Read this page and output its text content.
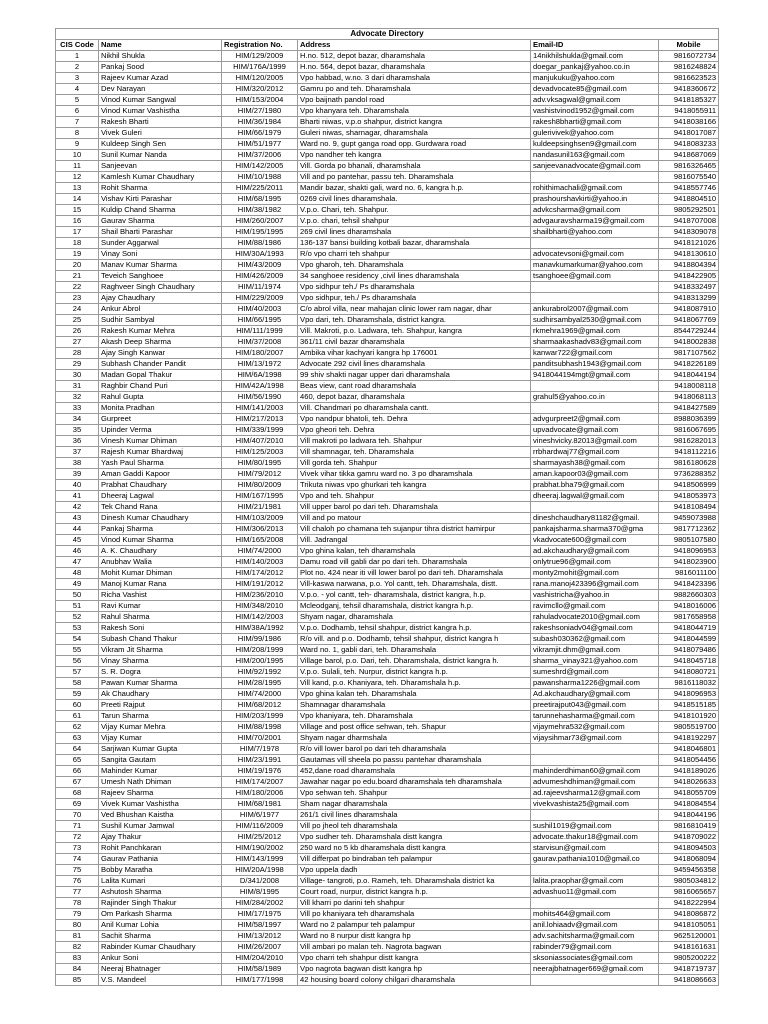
Advocate Directory					
CIS Code	Name	Registration No.	Address	Email-ID	Mobile
1	Nikhil Shukla	HIM/129/2009	H.no. 512, depot bazar, dharamshala	14nikhilshukla@gmail.com	9816072734
2	Pankaj Sood	HIM/176A/1999	H.no. 564, depot bazar, dharamshala	doegar_pankaj@yahoo.co.in	9816248824
3	Rajeev Kumar Azad	HIM/120/2005	Vpo habbad, w.no. 3 dari dharamshala	manjukuku@yahoo.com	9816623523
4	Dev Narayan	HIM/320/2012	Gamru po and teh. Dharamshala	devadvocate85@gmail.com	9418360672
5	Vinod Kumar Sangwal	HIM/153/2004	Vpo baijnath pandol road	adv.vksagwal@gmail.com	9418185327
6	Vinod Kumar Vashistha	HIM/27/1980	Vpo khanyara teh. Dharamshala	vashistvinod1952@gmail.com	9418055911
7	Rakesh Bharti	HIM/36/1984	Bharti niwas, v.p.o shahpur, district kangra	rakesh8bharti@gmail.com	9418038166
8	Vivek Guleri	HIM/66/1979	Guleri niwas, sharnagar, dharamshala	gulerivivek@yahoo.com	9418017087
9	Kuldeep Singh Sen	HIM/51/1977	Ward no. 9, gupt ganga road opp. Gurdwara road	kuldeepsinghsen9@gmail.com	9418083233
10	Sunil Kumar Nanda	HIM/37/2006	Vpo nandher teh kangra	nandasunil163@gmail.com	9418687069
11	Sanjeevan	HIM/142/2005	Vill. Gorda po bhanali, dharamshala	sanjeevanadvocate@gmail.com	9816326465
12	Kamlesh Kumar Chaudhary	HIM/10/1988	Vill and po pantehar, passu teh. Dharamshala		9816075540
13	Rohit Sharma	HIM/225/2011	Mandir bazar, shakti gali, ward no. 6, kangra h.p.	rohithimachali@gmail.com	9418557746
14	Vishav Kirti Parashar	HIM/68/1995	0269 civil lines dharamshala.	prashourshavkirti@yahoo.in	9418804510
15	Kuldip Chand Sharma	HIM/38/1982	V.p.o. Chari, teh. Shahpur.	advkcsharma@gmail.com	9805292501
16	Gaurav Sharma	HIM/260/2007	V.p.o. chari, tehsil shahpur	advgauravsharma19@gmail.com	9418707008
17	Shail Bharti Parashar	HIM/195/1995	269 civil lines dharamshala	shailbharti@yahoo.com	9418309078
18	Sunder Aggarwal	HIM/88/1986	136-137 bansi building kotbali bazar, dharamshala		9418121026
19	Vinay Soni	HIM/30A/1993	R/o vpo charri teh shahpur	advocatevsoni@gmail.com	9418130610
20	Manav Kumar Sharma	HIM/43/2009	Vpo gharoh, teh. Dharamshala	manavkumarkumar@yahoo.com	9418804394
21	Teveich Sanghoee	HIM/426/2009	34 sanghoee residency ,civil lines dharamshala	tsanghoee@gmail.com	9418422905
22	Raghveer Singh Chaudhary	HIM/11/1974	Vpo sidhpur teh./ Ps dharamshala		9418332497
23	Ajay Chaudhary	HIM/229/2009	Vpo sidhpur, teh./ Ps dharamshala		9418313299
24	Ankur Abrol	HIM/40/2003	C/o abrol villa, near mahajan clinic lower ram nagar, dhar	ankurabrol2007@gmail.com	9418087910
25	Sudhir Sambyal	HIM/66/1995	Vpo dari, teh. Dharamshala, district kangra.	sudhirsambyal2530@gmail.com	9418067769
26	Rakesh Kumar Mehra	HIM/111/1999	Vill. Makroti, p.o. Ladwara, teh. Shahpur, kangra	rkmehra1969@gmail.com	8544729244
27	Akash Deep Sharma	HIM/37/2008	361/11 civil bazar dharamshala	sharmaakashadv83@gmail.com	9418002838
28	Ajay Singh Kanwar	HIM/180/2007	Ambika vihar kachyari kangra hp 176001	kanwar722@gmail.com	9817107562
29	Subhash Chander Pandit	HIM/13/1972	Advocate 292 civil lines dharamshala	panditsubhash1943@gmail.com	9418226189
30	Madan Gopal Thakur	HIM/6A/1998	99 shiv shakti nagar upper dari dharamshala	9418044194mgt@gmail.com	9418044194
31	Raghbir Chand Puri	HIM/42A/1998	Beas view, cant road dharamshala		9418008118
32	Rahul Gupta	HIM/56/1990	460, depot bazar, dharamshala	grahul5@yahoo.co.in	9418068113
33	Monita Pradhan	HIM/141/2003	Vill. Chandmari po dharamshala cantt.		9418427589
34	Gurpreet	HIM/217/2013	Vpo nandpur bhatoli, teh. Dehra	advgurpreet2@gmail.com	8988036399
35	Upinder Verma	HIM/339/1999	Vpo gheori teh. Dehra	upvadvocate@gmail.com	9816067695
36	Vinesh Kumar Dhiman	HIM/407/2010	Vill makroti po ladwara teh. Shahpur	vineshvicky.82013@gmail.com	9816282013
37	Rajesh Kumar Bhardwaj	HIM/125/2003	Vill shamnagar, teh. Dharamshala	rrbhardwaj77@gmail.com	9418112216
38	Yash Paul Sharma	HIM/80/1995	Vill gorda teh. Shahpur	sharmayash38@gmail.com	9816180628
39	Aman Gaddi Kapoor	HIM/79/2012	Vivek vihar tikka gamru ward no. 3 po dharamshala	aman.kapoor03@gmail.com	9736288352
40	Prabhat Chaudhary	HIM/80/2009	Trikuta niwas vpo ghurkari teh kangra	prabhat.bha79@gmail.com	9418506999
41	Dheeraj Lagwal	HIM/167/1995	Vpo and teh. Shahpur	dheeraj.lagwal@gmail.com	9418053973
42	Tek Chand Rana	HIM/21/1981	Vill upper barol po dari teh. Dharamshala		9418108494
43	Dinesh Kumar Chaudhary	HIM/103/2009	Vill and po matour	dineshchaudhary81182@gmail.	9459073988
44	Pankaj Sharma	HIM/306/2013	Vill chaloh po chamana teh sujanpur tihra district hamirpur	pankajsharma.sharma370@gma	9817712362
45	Vinod Kumar Sharma	HIM/165/2008	Vill. Jadrangal	vkadvocate600@gmail.com	9805107580
46	A. K. Chaudhary	HIM/74/2000	Vpo ghina kalan, teh dharamshala	ad.akchaudhary@gmail.com	9418096953
47	Anubhav Walia	HIM/140/2003	Damu road vill gabli dar po dari teh. Dharamshala	onlytrue96@gmail.com	9418023900
48	Mohit Kumar Dhiman	HIM/174/2012	Plot no. 424 near iti vill lower barol po dari teh. Dharamshala	monty2mohit@gmail.com	9816011100
49	Manoj Kumar Rana	HIM/191/2012	Vill-kaswa narwana, p.o. Yol cantt, teh. Dharamshala, distt.	rana.manoj423396@gmail.com	9418423396
50	Richa Vashist	HIM/236/2010	V.p.o. - yol cantt, teh- dharamshala, district kangra, h.p.	vashistricha@yahoo.in	9882660303
51	Ravi Kumar	HIM/348/2010	Mcleodganj, tehsil dharamshala, district kangra h.p.	ravimcllo@gmail.com	9418016006
52	Rahul Sharma	HIM/142/2003	Shyam nagar, dharamshala	rahuladvocate2010@gmail.com	9817658958
53	Rakesh Soni	HIM/38A/1992	V.p.o. Dodhamb, tehsil shahpur, district kangra h.p.	rakeshsoniadv04@gmail.com	9418044719
54	Subash Chand Thakur	HIM/99/1986	R/o vill. and p.o. Dodhamb, tehsil shahpur, district kangra h	subash030362@gmail.com	9418044599
55	Vikram Jit Sharma	HIM/208/1999	Ward no. 1, gabli dari, teh. Dharamshala	vikramjit.dhm@gmail.com	9418079486
56	Vinay Sharma	HIM/200/1995	Village barol, p.o. Dari, teh. Dharamshala, district kangra h.	sharma_vinay321@yahoo.com	9418045718
57	S. R. Dogra	HIM/92/1992	V.p.o. Sulali, teh. Nurpur, district kangra h.p.	sumeshrd@gmail.com	9418080721
58	Pawan Kumar Sharma	HIM/28/1995	Vill kand, p.o. Khaniyara, teh. Dharamshala h.p.	pawansharma1226@gmail.com	9816118032
59	Ak Chaudhary	HIM/74/2000	Vpo ghina kalan teh. Dharamshala	Ad.akchaudhary@gmail.com	9418096953
60	Preeti Rajput	HIM/68/2012	Shamnagar dharamshala	preetirajput043@gmail.com	9418515185
61	Tarun Sharma	HIM/203/1999	Vpo khaniyara, teh. Dharamshala	tarunnehasharma@gmail.com	9418101920
62	Vijay Kumar Mehra	HIM/88/1998	Village and post office sehwan, teh. Shapur	vijaymehra532@gmail.com	9805519700
63	Vijay Kumar	HIM/70/2001	Shyam nagar dharmshala	vijaysihmar73@gmail.com	9418192297
64	Sarjiwan Kumar Gupta	HIM/7/1978	R/o vill lower barol po dari teh dharamshala		9418046801
65	Sangita Gautam	HIM/23/1991	Gautamas vill sheela po passu pantehar dharamshala		9418054456
66	Mahinder Kumar	HIM/19/1976	452,dane road dharamshala	mahinderdhiman60@gmail.com	9418189026
67	Umesh Nath Dhiman	HIM/174/2007	Jawahar nagar po edu.board dharamshala teh dharamshala	advumeshdhiman@gmail.com	9418026633
68	Rajeev Sharma	HIM/180/2006	Vpo sehwan teh. Shahpur	ad.rajeevsharma12@gmail.com	9418055709
69	Vivek Kumar Vashistha	HIM/68/1981	Sham nagar dharamshala	vivekvashista25@gmail.com	9418084554
70	Ved Bhushan Kaistha	HIM/6/1977	261/1 civil lines dharamshala		9418044196
71	Sushil Kumar Jamwal	HIM/116/2009	Vill po jheol teh dharamshala	sushil1019@gmail.com	9816810419
72	Ajay Thakur	HIM/25/2012	Vpo sudher teh. Dharamshala distt kangra	advocate.thakur18@gmail.com	9418709022
73	Rohit Panchkaran	HIM/190/2002	250 ward no 5 kb dharamshala distt kangra	starvisun@gmail.com	9418094503
74	Gaurav Pathania	HIM/143/1999	Vill differpat po bindraban teh palampur	gaurav.pathania1010@gmail.co	9418068094
75	Bobby Maratha	HIM/20A/1998	Vpo uppela dadh		9459456358
76	Lalita Kumari	D/341/2008	Village- tangroti, p.o. Rameh, teh. Dharamshala district ka	lalita.praophar@gmail.com	9805034812
77	Ashutosh Sharma	HIM/8/1995	Court road, nurpur, district kangra h.p.	advashuo11@gmail.com	9816065657
78	Rajinder Singh Thakur	HIM/284/2002	Vill kharri po darini teh shahpur		9418222994
79	Om Parkash Sharma	HIM/17/1975	Vill po khaniyara teh dharamshala	mohits464@gmail.com	9418086872
80	Anil Kumar Lohia	HIM/58/1997	Ward no 2 palampur teh palampur	anil.lohiaadv@gmail.com	9418105051
81	Sachit Sharma	HIM/13/2012	Ward no 8 nurpur distt kangra hp	adv.sachitsharma@gmail.com	9625120001
82	Rabinder Kumar Chaudhary	HIM/26/2007	Vill ambari po malan teh. Nagrota bagwan	rabinder79@gmail.com	9418161631
83	Ankur Soni	HIM/204/2010	Vpo charri teh shahpur distt kangra	sksoniassociates@gmail.com	9805200222
84	Neeraj Bhatnager	HIM/58/1989	Vpo nagrota bagwan distt kangra hp	neerajbhatnager669@gmail.com	9418719737
85	V.S. Mandeel	HIM/177/1998	42 housing board colony chilgari dharamshala		9418086663
